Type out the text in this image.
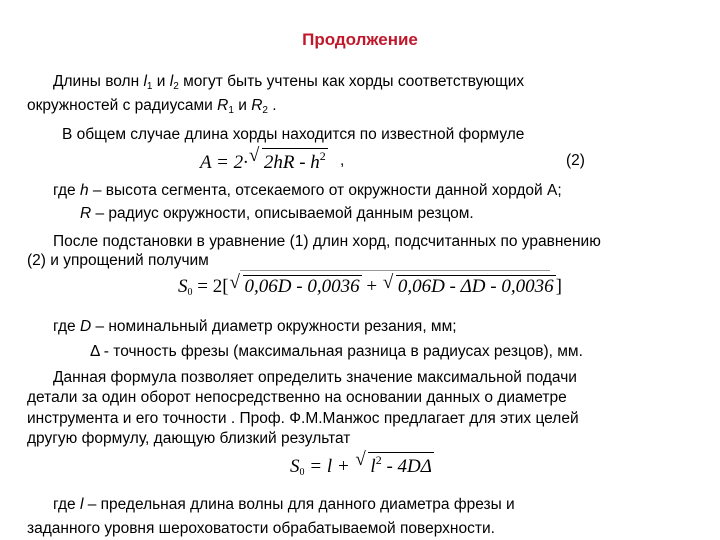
Продолжение
Длины волн $l_1$ и $l_2$ могут быть учтены как хорды соответствующих
окружностей с радиусами $R_1$ и $R_2$ .
В общем случае длина хорды находится по известной формуле
A = 2·√ $2hR - h^2$ ,	(2)
где h – высота сегмента, отсекаемого от окружности данной хордой А;
R – радиус окружности, описываемой данным резцом.
После подстановки в уравнение (1) длин хорд, подсчитанных по уравнению
(2) и упрощений получим
$S_0 = 2[√$ 0,06D - 0,0036 + √ 0,06D - ΔD - 0,0036 ]
где D – номинальный диаметр окружности резания, мм;
Δ - точность фрезы (максимальная разница в радиусах резцов), мм.
Данная формула позволяет определить значение максимальной подачи
детали за один оборот непосредственно на основании данных о диаметре
инструмента и его точности . Проф. Ф.М.Манжос предлагает для этих целей
другую формулу, дающую близкий результат
$S_0 = l$ + √ $l^2 - 4D\Delta$
где l – предельная длина волны для данного диаметра фрезы и
заданного уровня шероховатости обрабатываемой поверхности.
